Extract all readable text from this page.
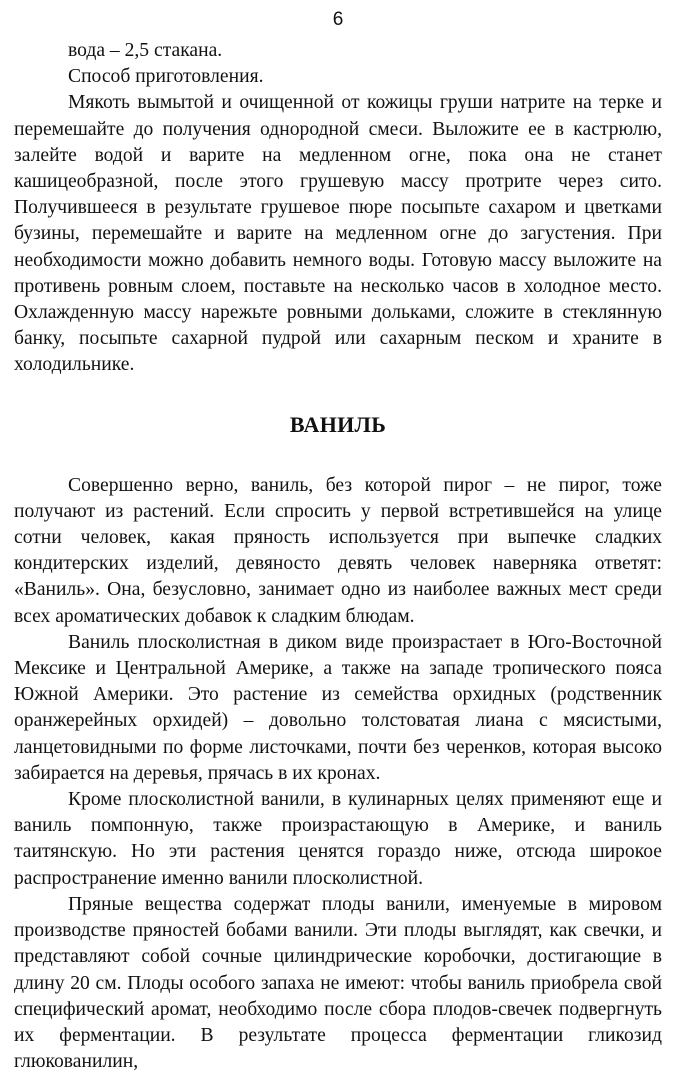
6

вода – 2,5 стакана.

Способ приготовления.

Мякоть вымытой и очищенной от кожицы груши натрите на терке и перемешайте до получения однородной смеси. Выложите ее в кастрюлю, залейте водой и варите на медленном огне, пока она не станет кашицеобразной, после этого грушевую массу протрите через сито. Получившееся в результате грушевое пюре посыпьте сахаром и цветками бузины, перемешайте и варите на медленном огне до загустения. При необходимости можно добавить немного воды. Готовую массу выложите на противень ровным слоем, поставьте на несколько часов в холодное место. Охлажденную массу нарежьте ровными дольками, сложите в стеклянную банку, посыпьте сахарной пудрой или сахарным песком и храните в холодильнике.

ВАНИЛЬ

Совершенно верно, ваниль, без которой пирог – не пирог, тоже получают из растений. Если спросить у первой встретившейся на улице сотни человек, какая пряность используется при выпечке сладких кондитерских изделий, девяносто девять человек наверняка ответят: «Ваниль». Она, безусловно, занимает одно из наиболее важных мест среди всех ароматических добавок к сладким блюдам.

Ваниль плосколистная в диком виде произрастает в Юго-Восточной Мексике и Центральной Америке, а также на западе тропического пояса Южной Америки. Это растение из семейства орхидных (родственник оранжерейных орхидей) – довольно толстоватая лиана с мясистыми, ланцетовидными по форме листочками, почти без черенков, которая высоко забирается на деревья, прячась в их кронах.

Кроме плосколистной ванили, в кулинарных целях применяют еще и ваниль помпонную, также произрастающую в Америке, и ваниль таитянскую. Но эти растения ценятся гораздо ниже, отсюда широкое распространение именно ванили плосколистной.

Пряные вещества содержат плоды ванили, именуемые в мировом производстве пряностей бобами ванили. Эти плоды выглядят, как свечки, и представляют собой сочные цилиндрические коробочки, достигающие в длину 20 см. Плоды особого запаха не имеют: чтобы ваниль приобрела свой специфический аромат, необходимо после сбора плодов-свечек подвергнуть их ферментации. В результате процесса ферментации гликозид глюкованилин,
